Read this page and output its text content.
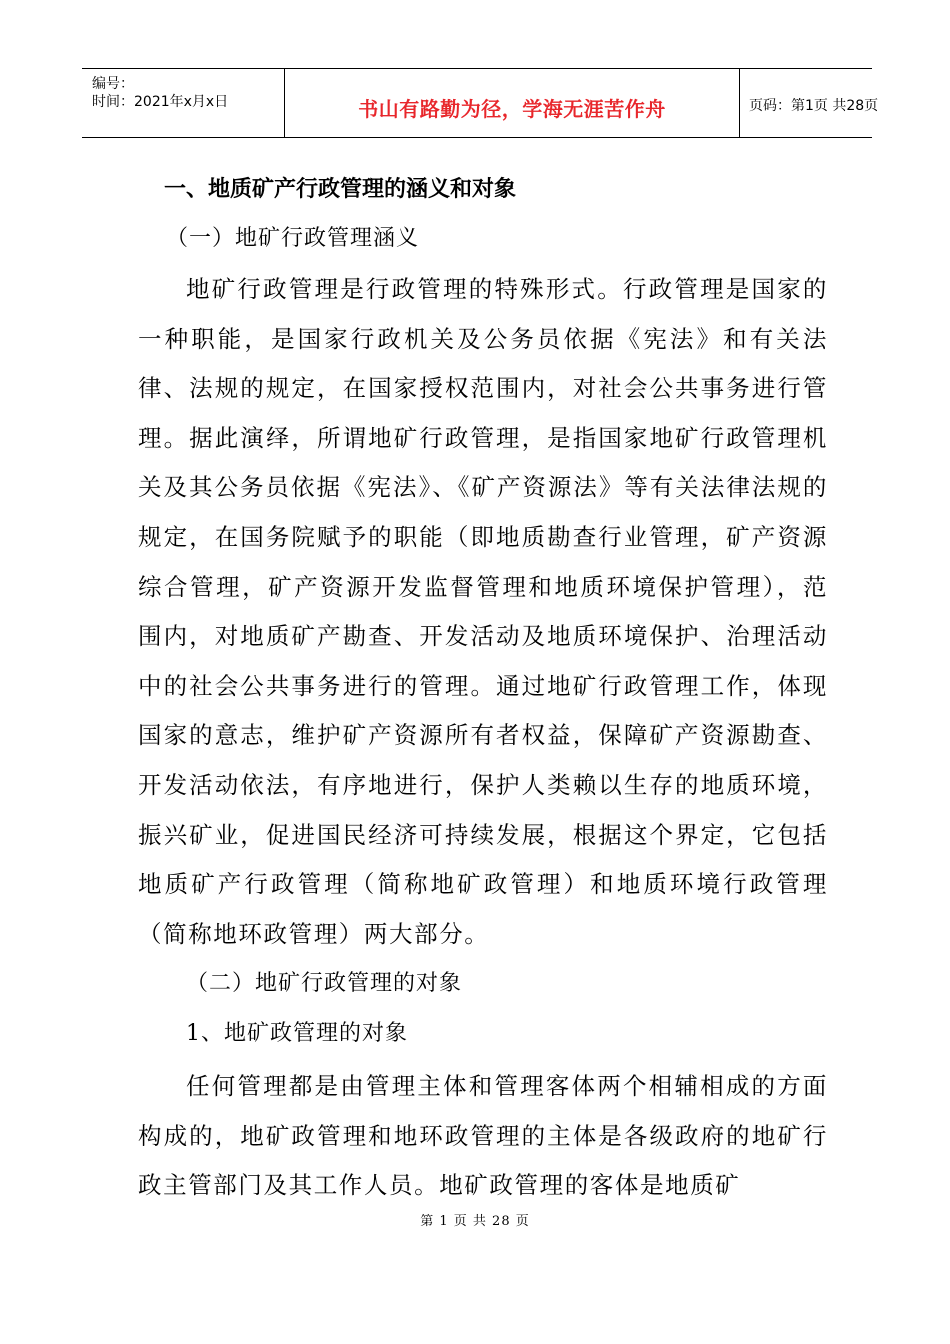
编号：
时间：2021年x月x日	书山有路勤为径，学海无涯苦作舟	页码：第1页 共28页
一、地质矿产行政管理的涵义和对象
（一）地矿行政管理涵义

地矿行政管理是行政管理的特殊形式。行政管理是国家的一种职能，是国家行政机关及公务员依据《宪法》和有关法律、法规的规定，在国家授权范围内，对社会公共事务进行管理。据此演绎，所谓地矿行政管理，是指国家地矿行政管理机关及其公务员依据《宪法》、《矿产资源法》等有关法律法规的规定，在国务院赋予的职能（即地质勘查行业管理，矿产资源综合管理，矿产资源开发监督管理和地质环境保护管理），范围内，对地质矿产勘查、开发活动及地质环境保护、治理活动中的社会公共事务进行的管理。通过地矿行政管理工作，体现国家的意志，维护矿产资源所有者权益，保障矿产资源勘查、开发活动依法，有序地进行，保护人类赖以生存的地质环境，振兴矿业，促进国民经济可持续发展，根据这个界定，它包括地质矿产行政管理（简称地矿政管理）和地质环境行政管理（简称地环政管理）两大部分。

（二）地矿行政管理的对象
1、地矿政管理的对象

任何管理都是由管理主体和管理客体两个相辅相成的方面构成的，地矿政管理和地环政管理的主体是各级政府的地矿行政主管部门及其工作人员。地矿政管理的客体是地质矿

第 1 页 共 28 页
